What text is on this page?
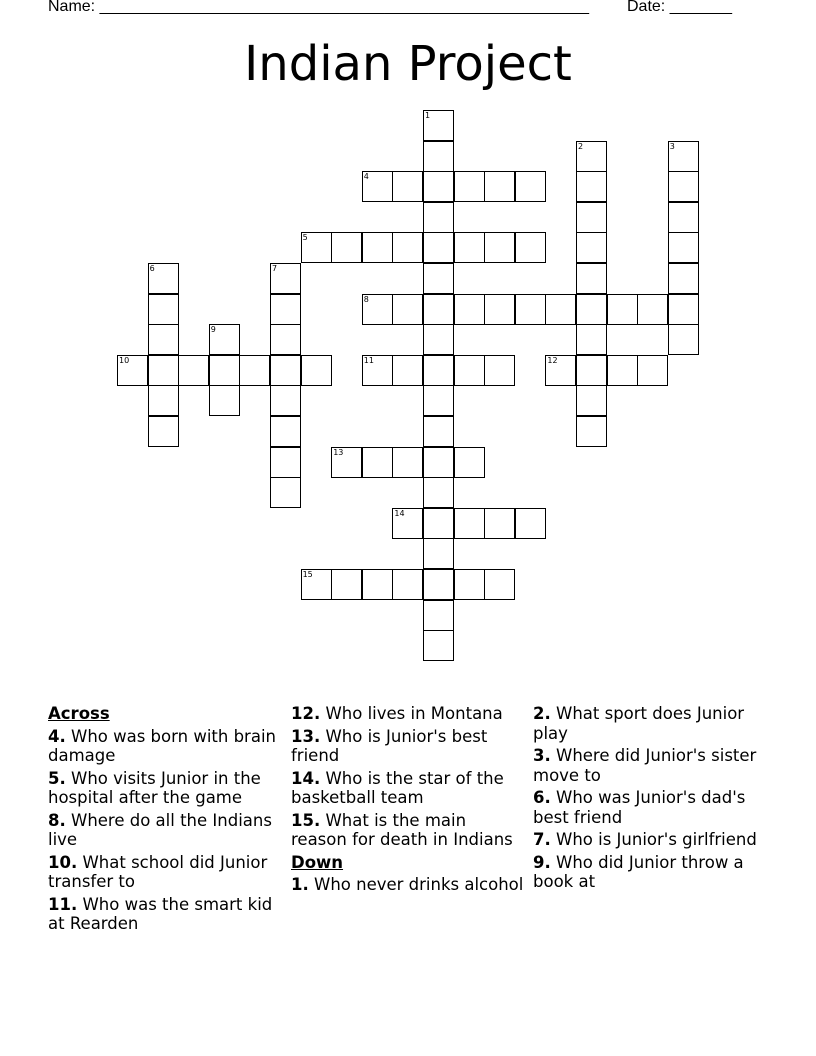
Name: _______________________________________________________ Date: _______
Indian Project
1
2	3
4
5
6	7
8
9
10	11	12
13
14
15
Across
4. Who was born with brain damage
5. Who visits Junior in the hospital after the game
8. Where do all the Indians live
10. What school did Junior transfer to
11. Who was the smart kid at Rearden
12. Who lives in Montana
13. Who is Junior's best friend
14. Who is the star of the basketball team
15. What is the main reason for death in Indians
Down
1. Who never drinks alcohol
2. What sport does Junior play
3. Where did Junior's sister move to
6. Who was Junior's dad's best friend
7. Who is Junior's girlfriend
9. Who did Junior throw a book at
